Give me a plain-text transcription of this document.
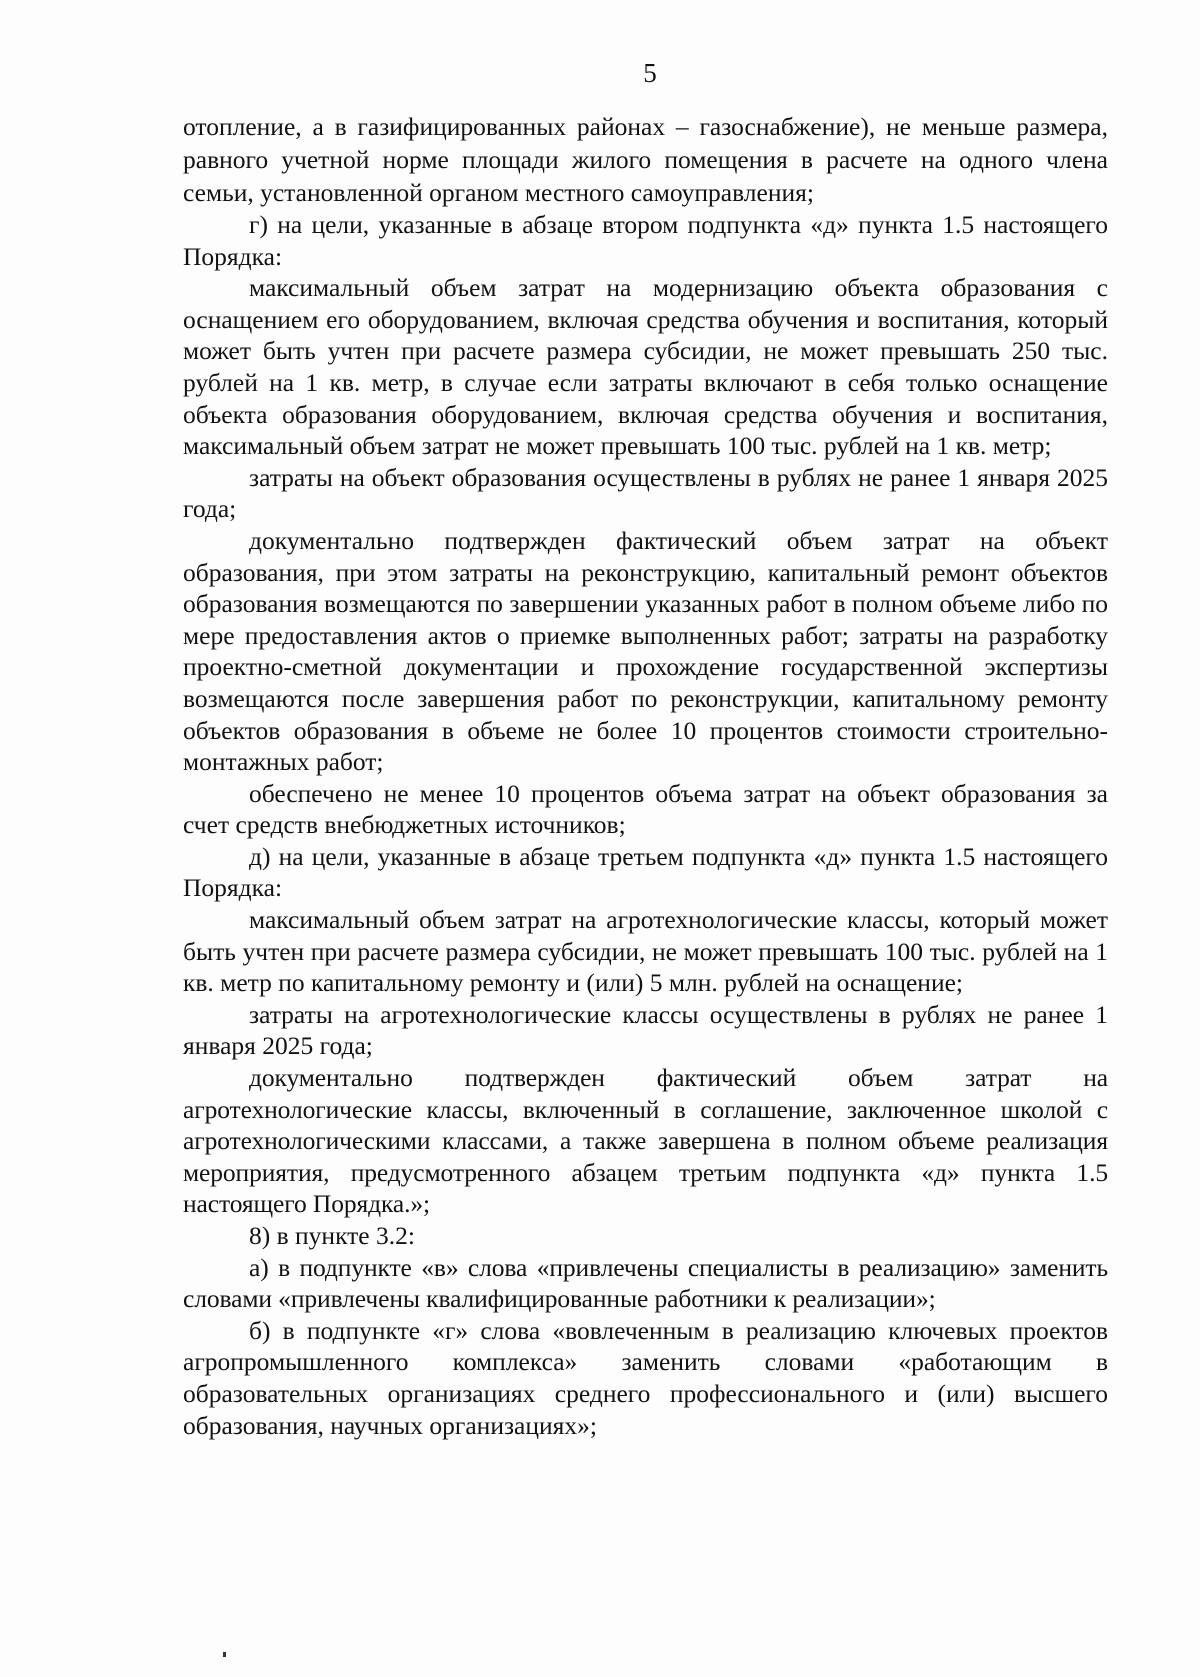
5

отопление, а в газифицированных районах – газоснабжение), не меньше размера, равного учетной норме площади жилого помещения в расчете на одного члена семьи, установленной органом местного самоуправления;

г) на цели, указанные в абзаце втором подпункта «д» пункта 1.5 настоящего Порядка:

максимальный объем затрат на модернизацию объекта образования с оснащением его оборудованием, включая средства обучения и воспитания, который может быть учтен при расчете размера субсидии, не может превышать 250 тыс. рублей на 1 кв. метр, в случае если затраты включают в себя только оснащение объекта образования оборудованием, включая средства обучения и воспитания, максимальный объем затрат не может превышать 100 тыс. рублей на 1 кв. метр;

затраты на объект образования осуществлены в рублях не ранее 1 января 2025 года;

документально подтвержден фактический объем затрат на объект образования, при этом затраты на реконструкцию, капитальный ремонт объектов образования возмещаются по завершении указанных работ в полном объеме либо по мере предоставления актов о приемке выполненных работ; затраты на разработку проектно-сметной документации и прохождение государственной экспертизы возмещаются после завершения работ по реконструкции, капитальному ремонту объектов образования в объеме не более 10 процентов стоимости строительно-монтажных работ;

обеспечено не менее 10 процентов объема затрат на объект образования за счет средств внебюджетных источников;

д) на цели, указанные в абзаце третьем подпункта «д» пункта 1.5 настоящего Порядка:

максимальный объем затрат на агротехнологические классы, который может быть учтен при расчете размера субсидии, не может превышать 100 тыс. рублей на 1 кв. метр по капитальному ремонту и (или) 5 млн. рублей на оснащение;

затраты на агротехнологические классы осуществлены в рублях не ранее 1 января 2025 года;

документально подтвержден фактический объем затрат на агротехнологические классы, включенный в соглашение, заключенное школой с агротехнологическими классами, а также завершена в полном объеме реализация мероприятия, предусмотренного абзацем третьим подпункта «д» пункта 1.5 настоящего Порядка.»;

8) в пункте 3.2:

а) в подпункте «в» слова «привлечены специалисты в реализацию» заменить словами «привлечены квалифицированные работники к реализации»;

б) в подпункте «г» слова «вовлеченным в реализацию ключевых проектов агропромышленного комплекса» заменить словами «работающим в образовательных организациях среднего профессионального и (или) высшего образования, научных организациях»;
